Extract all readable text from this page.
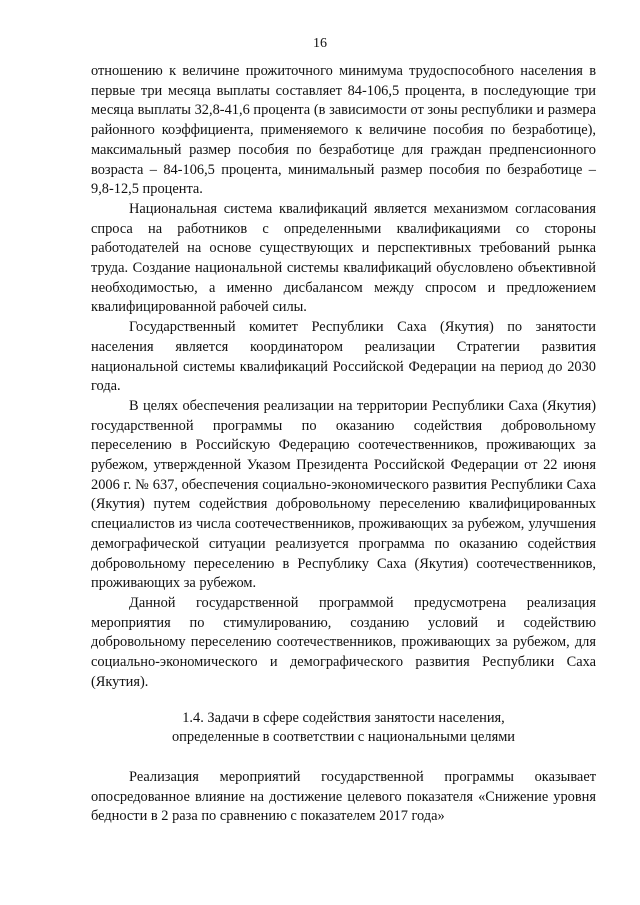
16

отношению к величине прожиточного минимума трудоспособного населения в первые три месяца выплаты составляет 84-106,5 процента, в последующие три месяца выплаты 32,8-41,6 процента (в зависимости от зоны республики и размера районного коэффициента, применяемого к величине пособия по безработице), максимальный размер пособия по безработице для граждан предпенсионного возраста – 84-106,5 процента, минимальный размер пособия по безработице – 9,8-12,5 процента.

Национальная система квалификаций является механизмом согласования спроса на работников с определенными квалификациями со стороны работодателей на основе существующих и перспективных требований рынка труда. Создание национальной системы квалификаций обусловлено объективной необходимостью, а именно дисбалансом между спросом и предложением квалифицированной рабочей силы.

Государственный комитет Республики Саха (Якутия) по занятости населения является координатором реализации Стратегии развития национальной системы квалификаций Российской Федерации на период до 2030 года.

В целях обеспечения реализации на территории Республики Саха (Якутия) государственной программы по оказанию содействия добровольному переселению в Российскую Федерацию соотечественников, проживающих за рубежом, утвержденной Указом Президента Российской Федерации от 22 июня 2006 г. № 637, обеспечения социально-экономического развития Республики Саха (Якутия) путем содействия добровольному переселению квалифицированных специалистов из числа соотечественников, проживающих за рубежом, улучшения демографической ситуации реализуется программа по оказанию содействия добровольному переселению в Республику Саха (Якутия) соотечественников, проживающих за рубежом.

Данной государственной программой предусмотрена реализация мероприятия по стимулированию, созданию условий и содействию добровольному переселению соотечественников, проживающих за рубежом, для социально-экономического и демографического развития Республики Саха (Якутия).

1.4. Задачи в сфере содействия занятости населения,
определенные в соответствии с национальными целями

Реализация мероприятий государственной программы оказывает опосредованное влияние на достижение целевого показателя «Снижение уровня бедности в 2 раза по сравнению с показателем 2017 года»
